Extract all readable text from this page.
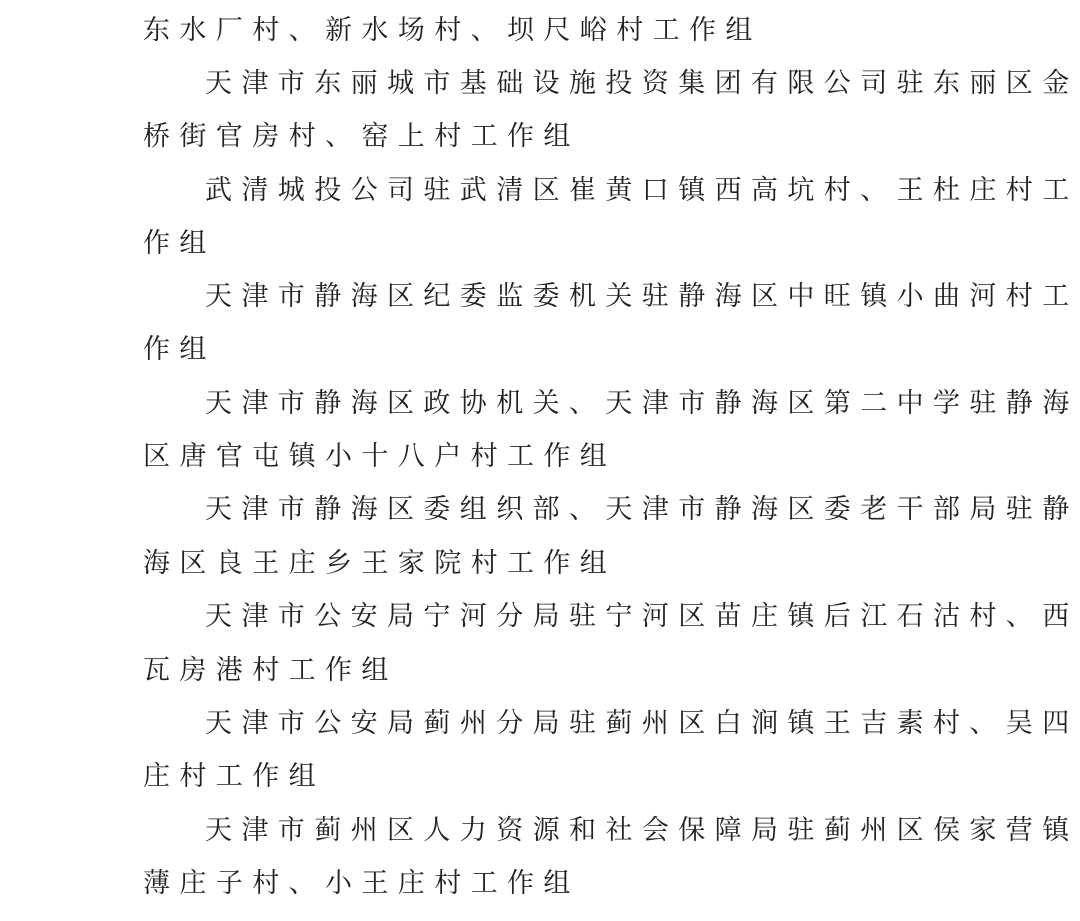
东水厂村、新水场村、坝尺峪村工作组
天津市东丽城市基础设施投资集团有限公司驻东丽区金
桥街官房村、窑上村工作组
武清城投公司驻武清区崔黄口镇西高坑村、王杜庄村工
作组
天津市静海区纪委监委机关驻静海区中旺镇小曲河村工
作组
天津市静海区政协机关、天津市静海区第二中学驻静海
区唐官屯镇小十八户村工作组
天津市静海区委组织部、天津市静海区委老干部局驻静
海区良王庄乡王家院村工作组
天津市公安局宁河分局驻宁河区苗庄镇后江石沽村、西
瓦房港村工作组
天津市公安局蓟州分局驻蓟州区白涧镇王吉素村、吴四
庄村工作组
天津市蓟州区人力资源和社会保障局驻蓟州区侯家营镇
薄庄子村、小王庄村工作组
